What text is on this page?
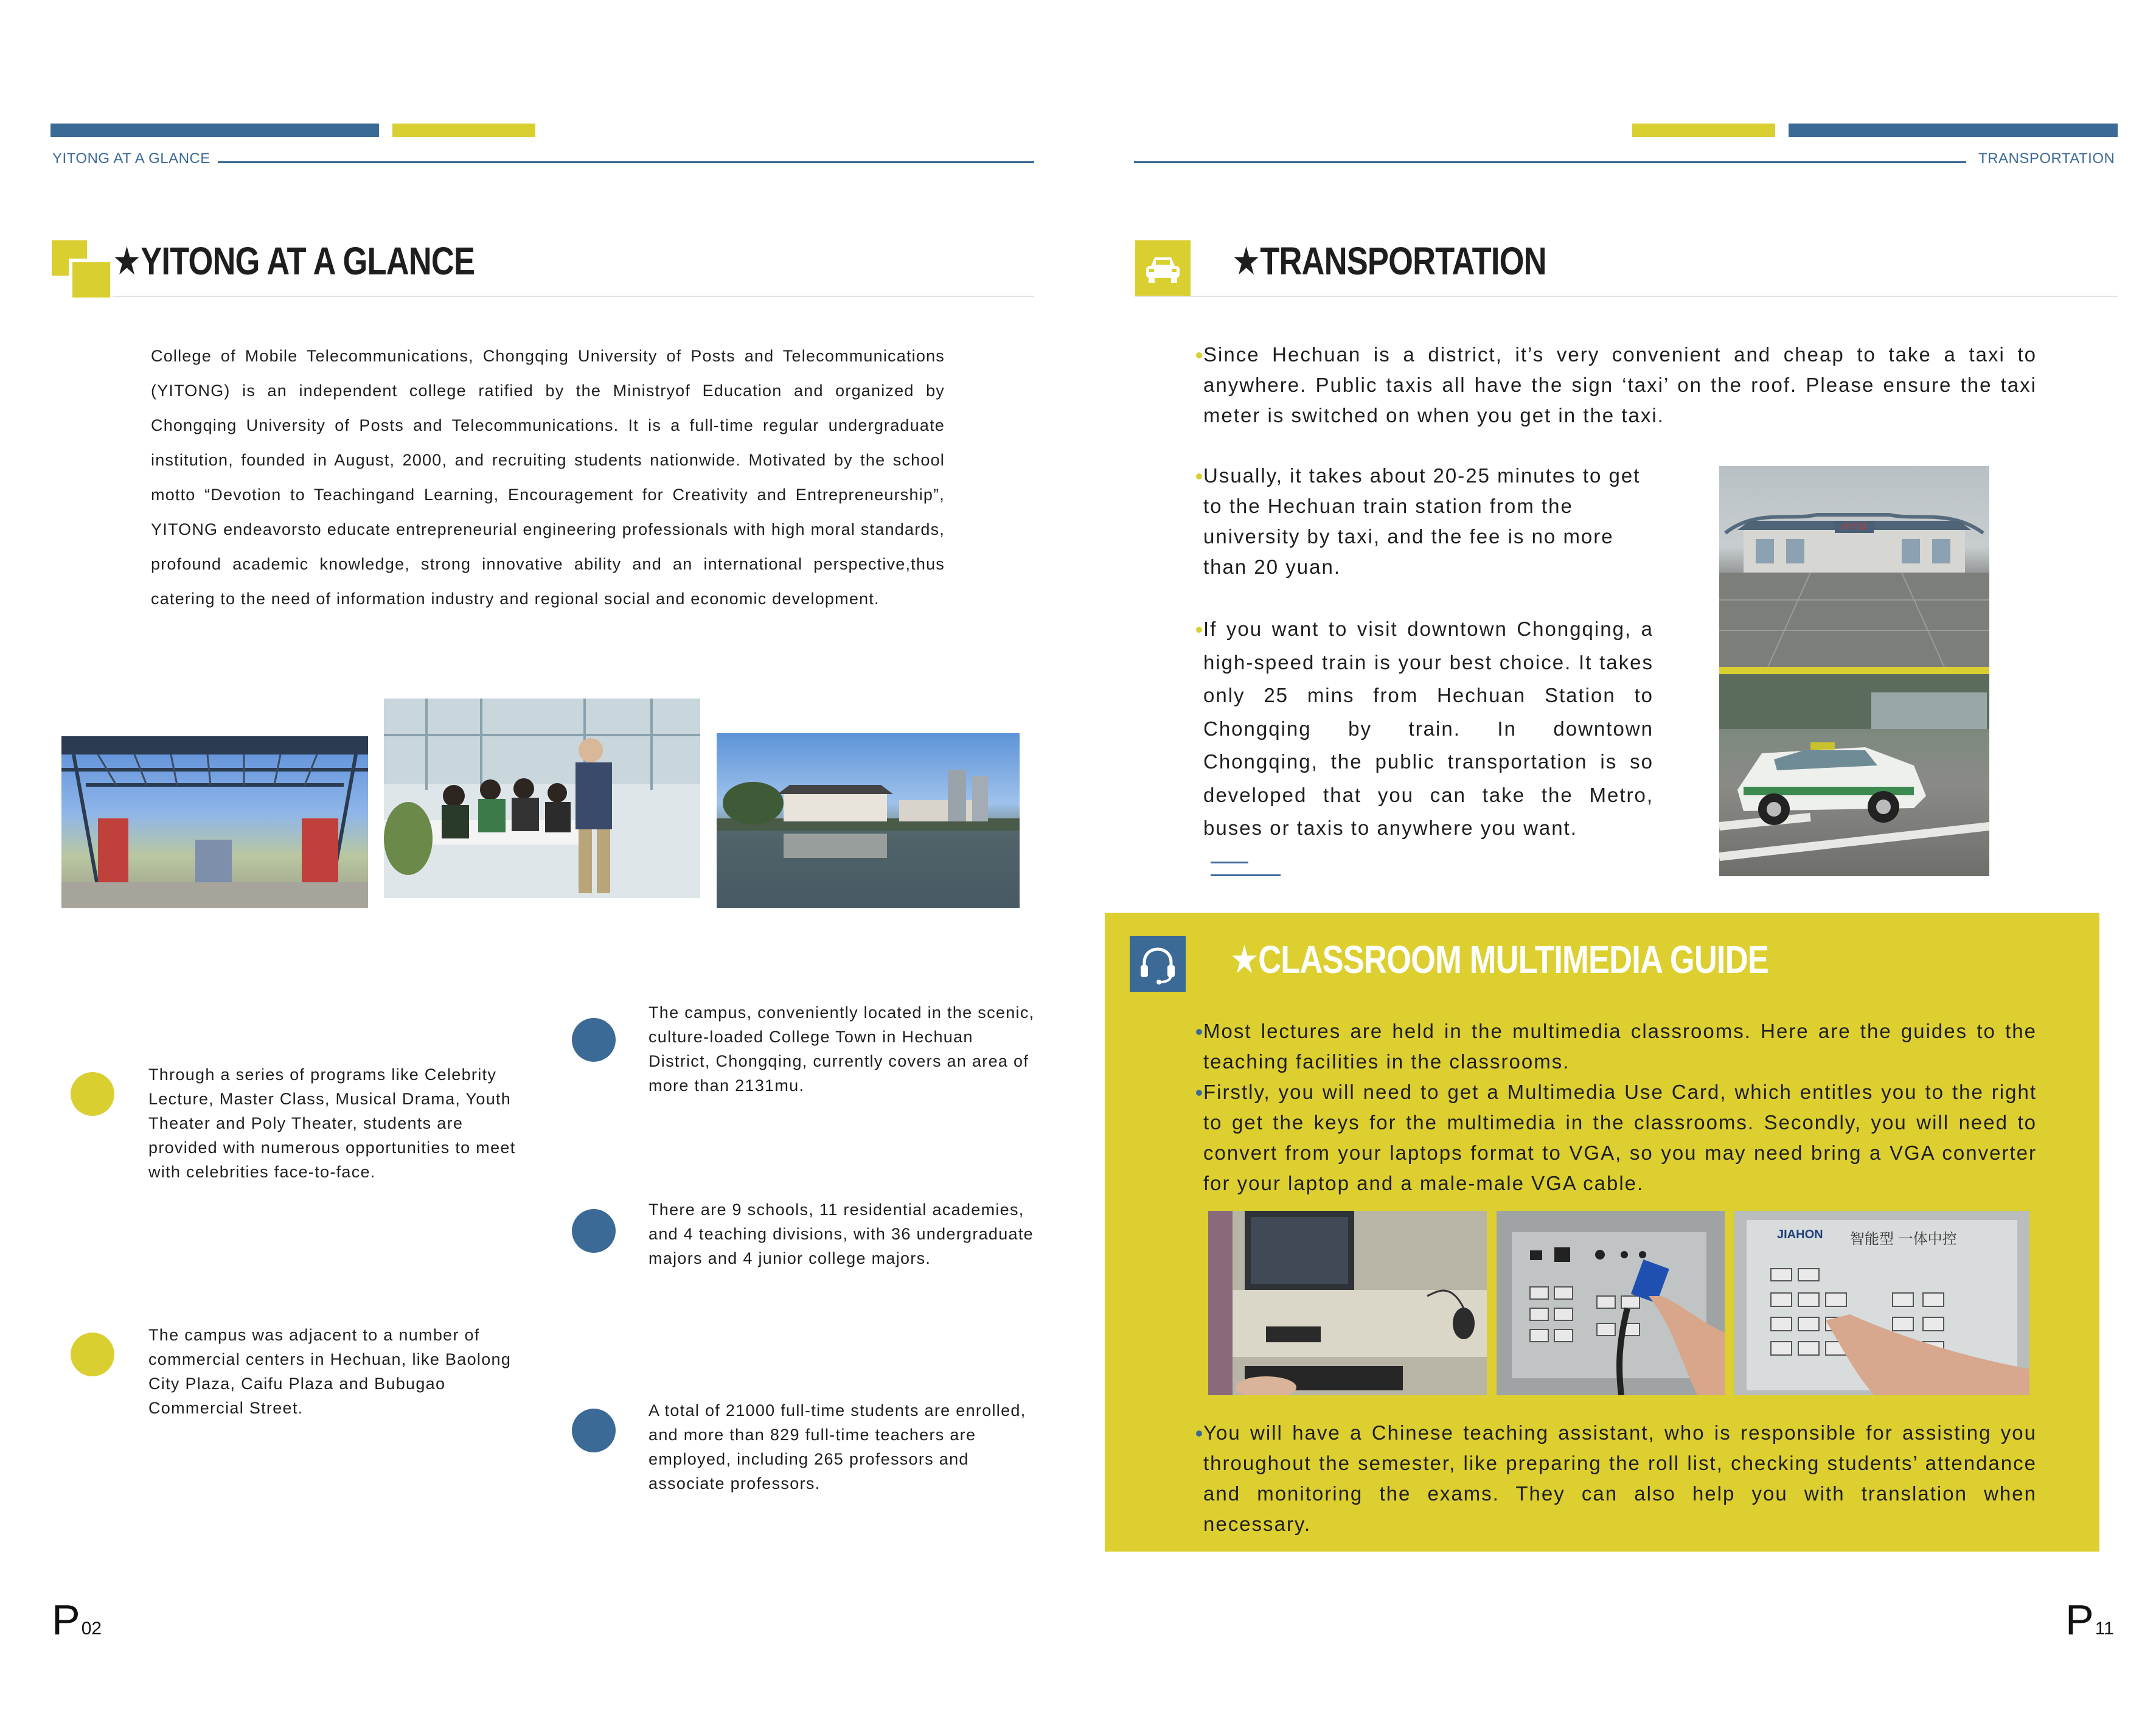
YITONG AT A GLANCE
★YITONG AT A GLANCE
College of Mobile Telecommunications, Chongqing University of Posts and Telecommunications (YITONG) is an independent college ratified by the Ministryof Education and organized by Chongqing University of Posts and Telecommunications. It is a full-time regular undergraduate institution, founded in August, 2000, and recruiting students nationwide. Motivated by the school motto “Devotion to Teachingand Learning, Encouragement for Creativity and Entrepreneurship”, YITONG endeavorsto educate entrepreneurial engineering professionals with high moral standards, profound academic knowledge, strong innovative ability and an international perspective,thus catering to the need of information industry and regional social and economic development.
The campus, conveniently located in the scenic, culture-loaded College Town in Hechuan District, Chongqing, currently covers an area of more than 2131mu.
Through a series of programs like Celebrity Lecture, Master Class, Musical Drama, Youth Theater and Poly Theater, students are provided with numerous opportunities to meet with celebrities face-to-face.
There are 9 schools, 11 residential academies, and 4 teaching divisions, with 36 undergraduate majors and 4 junior college majors.
The campus was adjacent to a number of commercial centers in Hechuan, like Baolong City Plaza, Caifu Plaza and Bubugao Commercial Street.	A total of 21000 full-time students are enrolled, and more than 829 full-time teachers are employed, including 265 professors and associate professors.
P02
TRANSPORTATION
★TRANSPORTATION
Since Hechuan is a district, it’s very convenient and cheap to take a taxi to anywhere. Public taxis all have the sign ‘taxi’ on the roof. Please ensure the taxi meter is switched on when you get in the taxi.
Usually, it takes about 20-25 minutes to get to the Hechuan train station from the university by taxi, and the fee is no more than 20 yuan.
If you want to visit downtown Chongqing, a high-speed train is your best choice. It takes only 25 mins from Hechuan Station to Chongqing by train. In downtown Chongqing, the public transportation is so developed that you can take the Metro, buses or taxis to anywhere you want.
合川站
★CLASSROOM MULTIMEDIA GUIDE
Most lectures are held in the multimedia classrooms. Here are the guides to the teaching facilities in the classrooms.
Firstly, you will need to get a Multimedia Use Card, which entitles you to the right to get the keys for the multimedia in the classrooms. Secondly, you will need to convert from your laptops format to VGA, so you may need bring a VGA converter for your laptop and a male-male VGA cable.
JIAHON 智能型 一体中控
You will have a Chinese teaching assistant, who is responsible for assisting you throughout the semester, like preparing the roll list, checking students’ attendance and monitoring the exams. They can also help you with translation when necessary.
P11
